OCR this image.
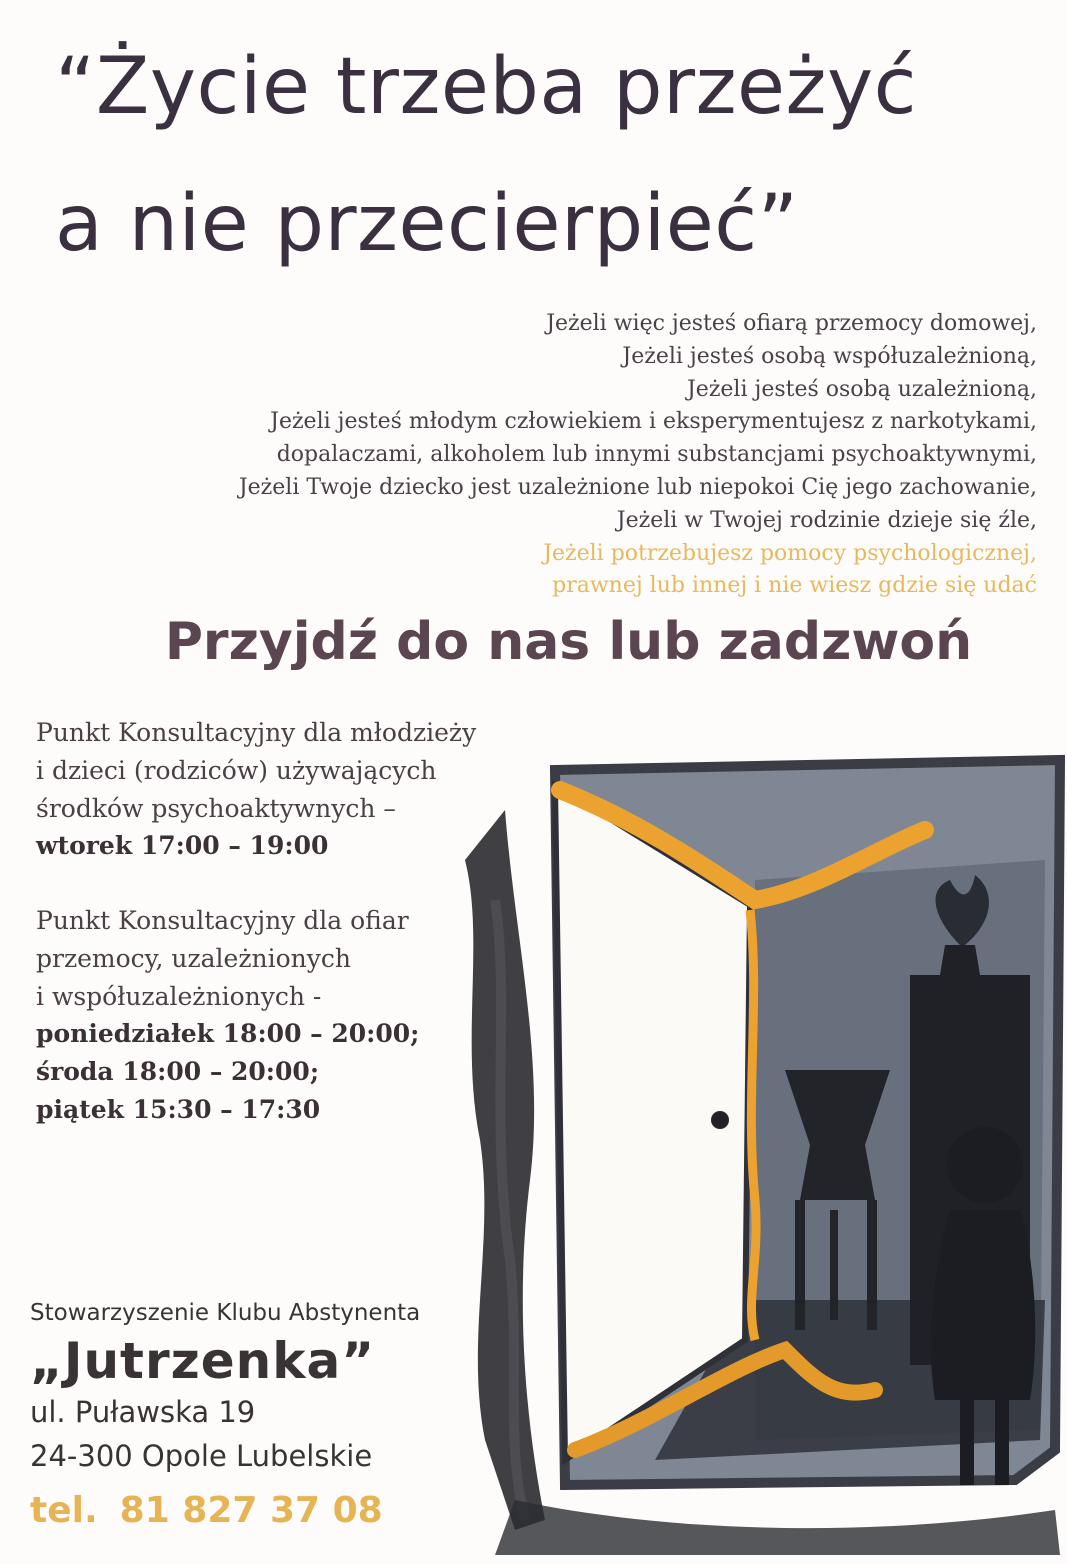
“Życie trzeba przeżyć
a nie przecierpieć”
Jeżeli więc jesteś ofiarą przemocy domowej,
Jeżeli jesteś osobą współuzależnioną,
Jeżeli jesteś osobą uzależnioną,
Jeżeli jesteś młodym człowiekiem i eksperymentujesz z narkotykami,
dopalaczami, alkoholem lub innymi substancjami psychoaktywnymi,
Jeżeli Twoje dziecko jest uzależnione lub niepokoi Cię jego zachowanie,
Jeżeli w Twojej rodzinie dzieje się źle,
Jeżeli potrzebujesz pomocy psychologicznej,
prawnej lub innej i nie wiesz gdzie się udać
Przyjdź do nas lub zadzwoń
Punkt Konsultacyjny dla młodzieży
i dzieci (rodziców) używających
środków psychoaktywnych –
wtorek 17:00 – 19:00
Punkt Konsultacyjny dla ofiar
przemocy, uzależnionych
i współuzależnionych -
poniedziałek 18:00 – 20:00;
środa 18:00 – 20:00;
piątek 15:30 – 17:30
Stowarzyszenie Klubu Abstynenta
„Jutrzenka”
ul. Puławska 19
24-300 Opole Lubelskie
tel. 81 827 37 08
